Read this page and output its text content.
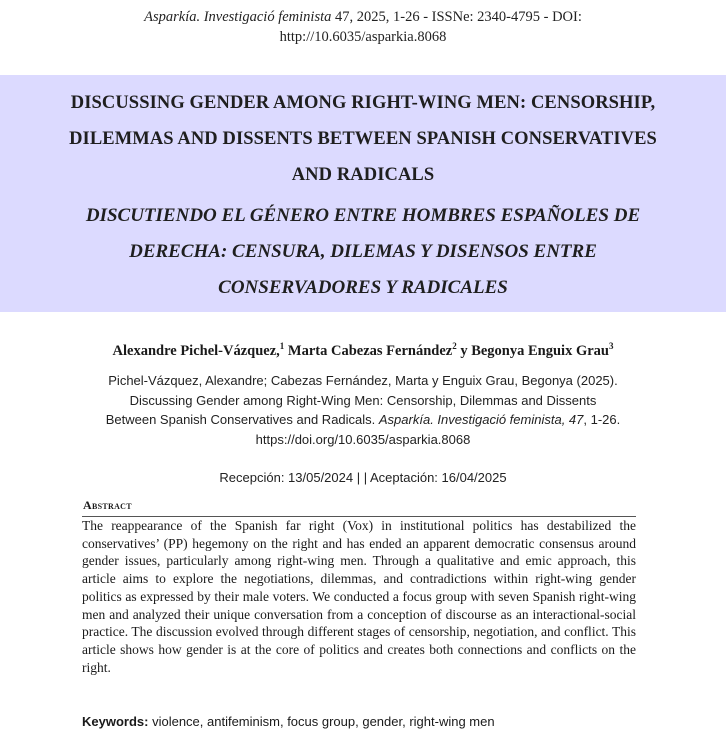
Asparkía. Investigació feminista 47, 2025, 1-26 - ISSNe: 2340-4795 - DOI:
http://10.6035/asparkia.8068
DISCUSSING GENDER AMONG RIGHT-WING MEN: CENSORSHIP,
DILEMMAS AND DISSENTS BETWEEN SPANISH CONSERVATIVES
AND RADICALS
DISCUTIENDO EL GÉNERO ENTRE HOMBRES ESPAÑOLES DE
DERECHA: CENSURA, DILEMAS Y DISENSOS ENTRE
CONSERVADORES Y RADICALES
Alexandre Pichel-Vázquez,$^1$ Marta Cabezas Fernández$^2$ y Begonya Enguix Grau$^3$
Pichel-Vázquez, Alexandre; Cabezas Fernández, Marta y Enguix Grau, Begonya (2025).
Discussing Gender among Right-Wing Men: Censorship, Dilemmas and Dissents
Between Spanish Conservatives and Radicals. Asparkía. Investigació feminista, 47, 1-26.
https://doi.org/10.6035/asparkia.8068
Recepción: 13/05/2024 | | Aceptación: 16/04/2025
Abstract
The reappearance of the Spanish far right (Vox) in institutional politics has destabilized the conservatives’ (PP) hegemony on the right and has ended an apparent democratic consensus around gender issues, particularly among right-wing men. Through a qualitative and emic approach, this article aims to explore the negotiations, dilemmas, and contradictions within right-wing gender politics as expressed by their male voters. We conducted a focus group with seven Spanish right-wing men and analyzed their unique conversation from a conception of discourse as an interactional-social practice. The discussion evolved through different stages of censorship, negotiation, and conflict. This article shows how gender is at the core of politics and creates both connections and conflicts on the right.
Keywords: violence, antifeminism, focus group, gender, right-wing men
